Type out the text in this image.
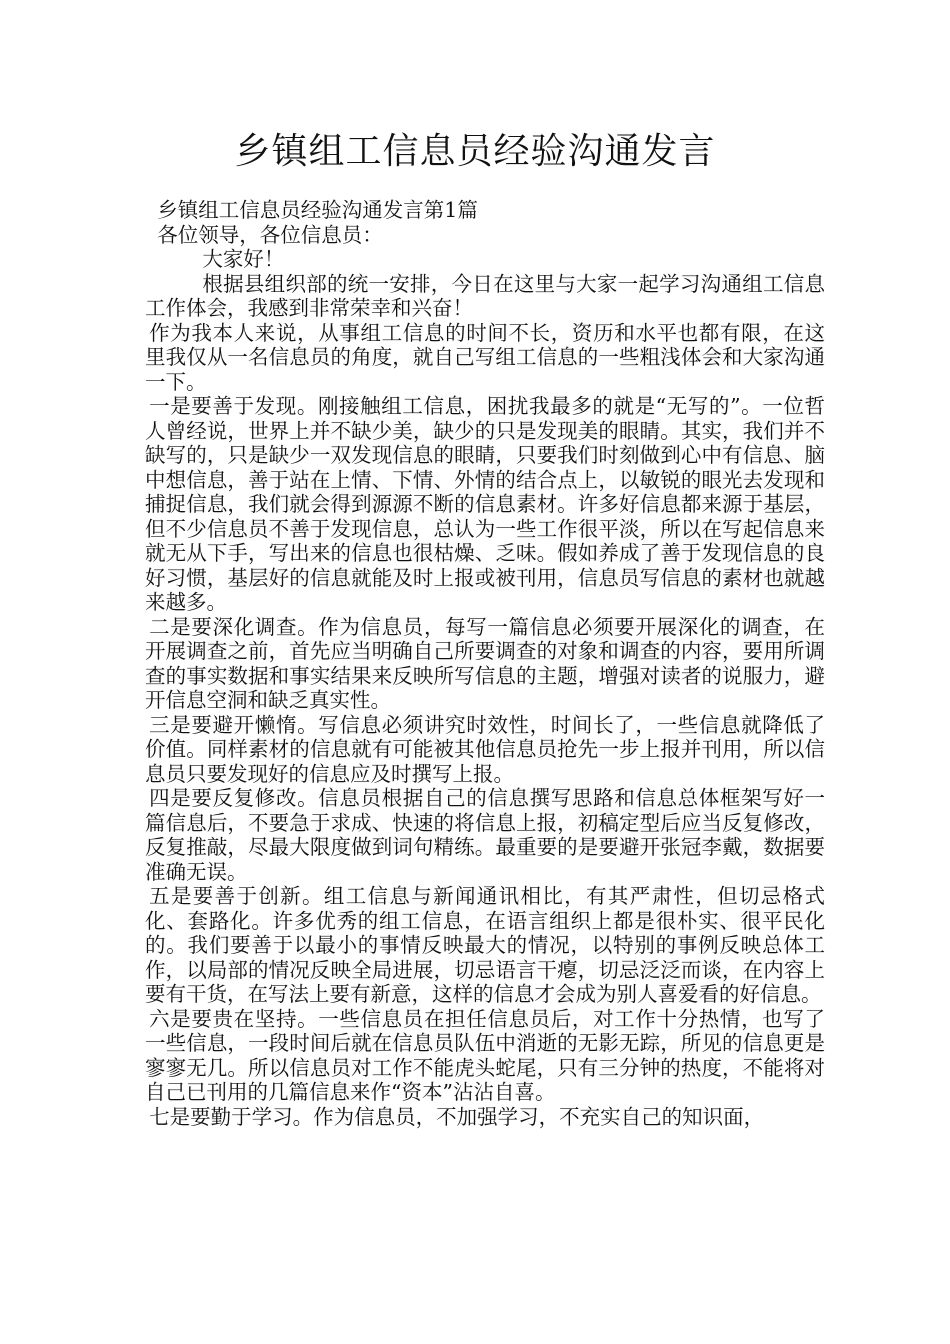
乡镇组工信息员经验沟通发言

乡镇组工信息员经验沟通发言第1篇

各位领导，各位信息员：

大家好！

根据县组织部的统一安排，今日在这里与大家一起学习沟通组工信息工作体会，我感到非常荣幸和兴奋！

作为我本人来说，从事组工信息的时间不长，资历和水平也都有限，在这里我仅从一名信息员的角度，就自己写组工信息的一些粗浅体会和大家沟通一下。

一是要善于发现。刚接触组工信息，困扰我最多的就是“无写的”。一位哲人曾经说，世界上并不缺少美，缺少的只是发现美的眼睛。其实，我们并不缺写的，只是缺少一双发现信息的眼睛，只要我们时刻做到心中有信息、脑中想信息，善于站在上情、下情、外情的结合点上，以敏锐的眼光去发现和捕捉信息，我们就会得到源源不断的信息素材。许多好信息都来源于基层，但不少信息员不善于发现信息，总认为一些工作很平淡，所以在写起信息来就无从下手，写出来的信息也很枯燥、乏味。假如养成了善于发现信息的良好习惯，基层好的信息就能及时上报或被刊用，信息员写信息的素材也就越来越多。

二是要深化调查。作为信息员，每写一篇信息必须要开展深化的调查，在开展调查之前，首先应当明确自己所要调查的对象和调查的内容，要用所调查的事实数据和事实结果来反映所写信息的主题，增强对读者的说服力，避开信息空洞和缺乏真实性。

三是要避开懒惰。写信息必须讲究时效性，时间长了，一些信息就降低了价值。同样素材的信息就有可能被其他信息员抢先一步上报并刊用，所以信息员只要发现好的信息应及时撰写上报。

四是要反复修改。信息员根据自己的信息撰写思路和信息总体框架写好一篇信息后，不要急于求成、快速的将信息上报，初稿定型后应当反复修改，反复推敲，尽最大限度做到词句精练。最重要的是要避开张冠李戴，数据要准确无误。

五是要善于创新。组工信息与新闻通讯相比，有其严肃性，但切忌格式化、套路化。许多优秀的组工信息，在语言组织上都是很朴实、很平民化的。我们要善于以最小的事情反映最大的情况，以特别的事例反映总体工作，以局部的情况反映全局进展，切忌语言干瘪，切忌泛泛而谈，在内容上要有干货，在写法上要有新意，这样的信息才会成为别人喜爱看的好信息。

六是要贵在坚持。一些信息员在担任信息员后，对工作十分热情，也写了一些信息，一段时间后就在信息员队伍中消逝的无影无踪，所见的信息更是寥寥无几。所以信息员对工作不能虎头蛇尾，只有三分钟的热度，不能将对自己已刊用的几篇信息来作“资本”沾沾自喜。

七是要勤于学习。作为信息员，不加强学习，不充实自己的知识面，
